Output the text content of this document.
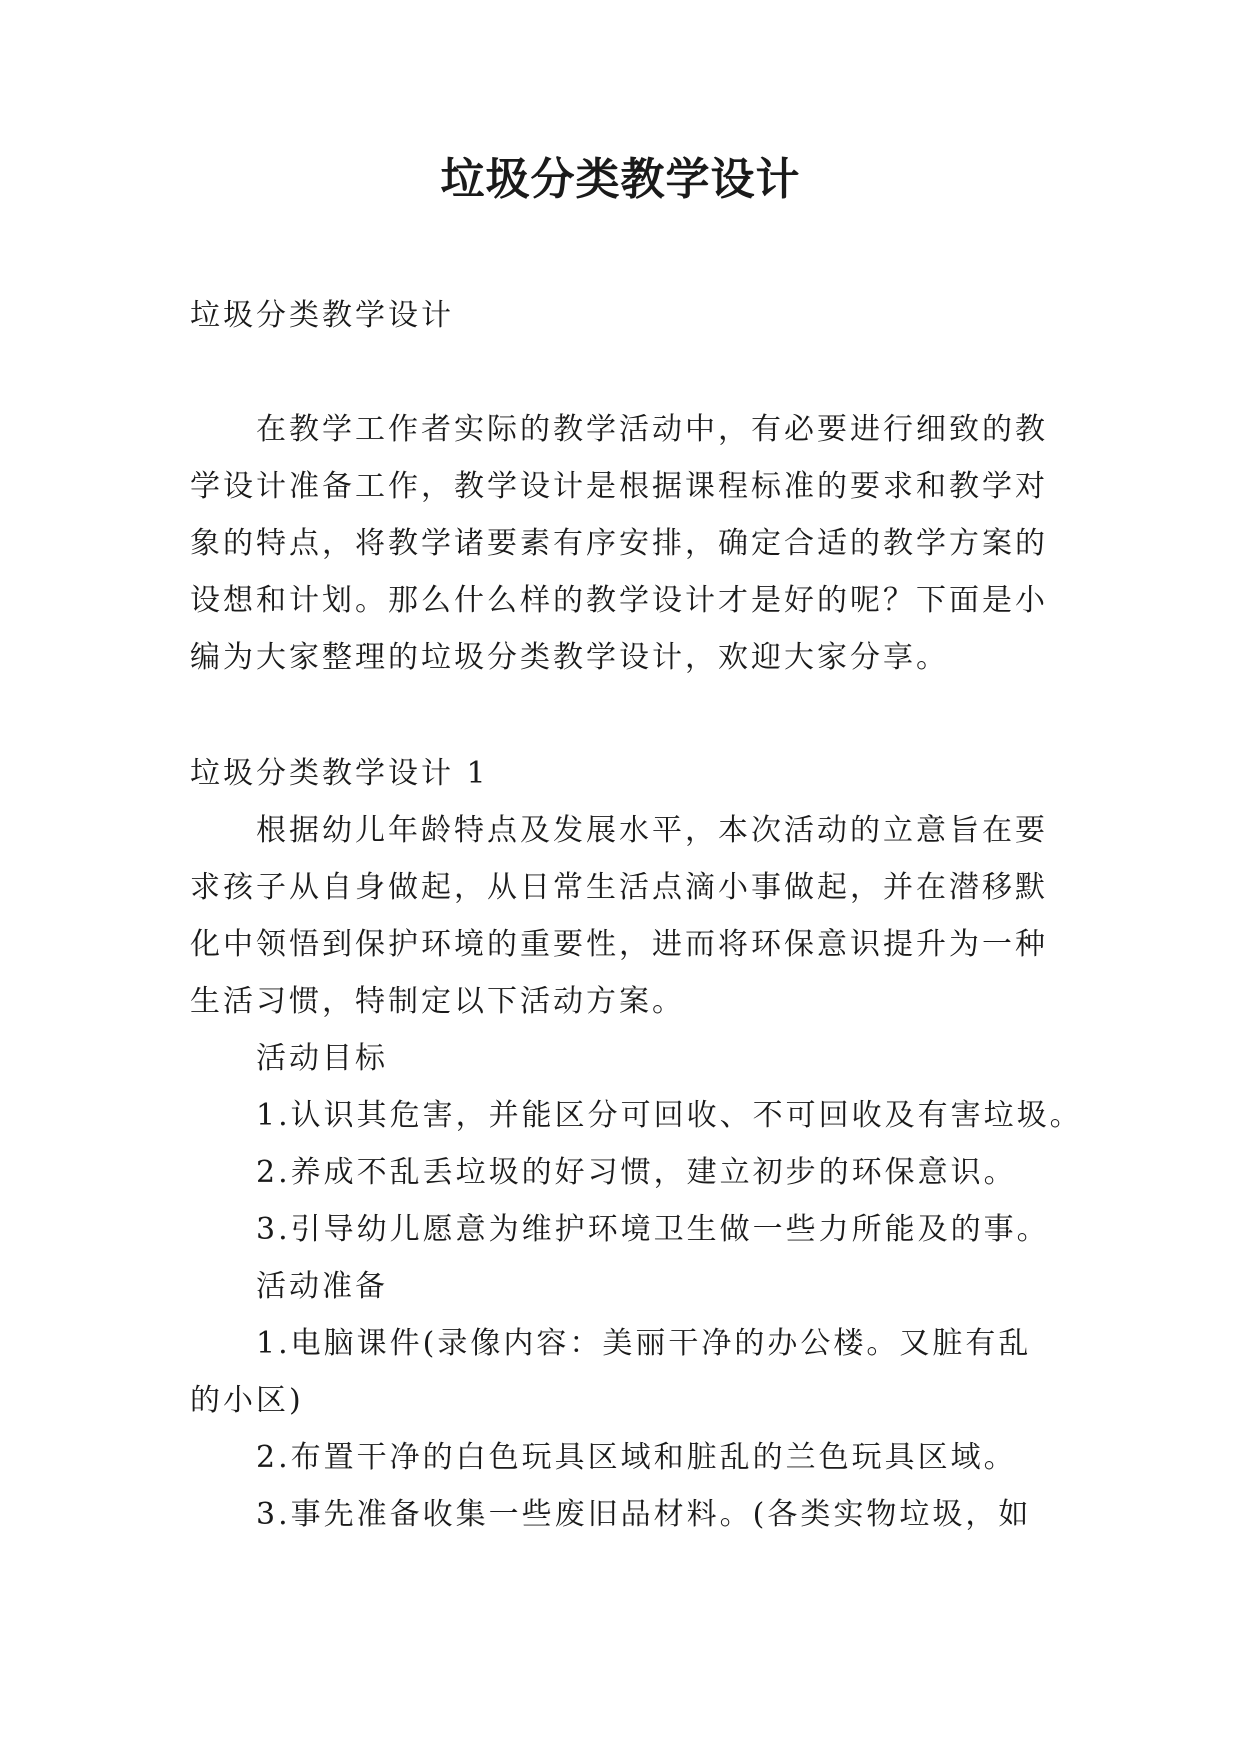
垃圾分类教学设计
垃圾分类教学设计
在教学工作者实际的教学活动中，有必要进行细致的教
学设计准备工作，教学设计是根据课程标准的要求和教学对
象的特点，将教学诸要素有序安排，确定合适的教学方案的
设想和计划。那么什么样的教学设计才是好的呢？下面是小
编为大家整理的垃圾分类教学设计，欢迎大家分享。
垃圾分类教学设计 1
根据幼儿年龄特点及发展水平，本次活动的立意旨在要
求孩子从自身做起，从日常生活点滴小事做起，并在潜移默
化中领悟到保护环境的重要性，进而将环保意识提升为一种
生活习惯，特制定以下活动方案。
活动目标
1.认识其危害，并能区分可回收、不可回收及有害垃圾。
2.养成不乱丢垃圾的好习惯，建立初步的环保意识。
3.引导幼儿愿意为维护环境卫生做一些力所能及的事。
活动准备
1.电脑课件(录像内容：美丽干净的办公楼。又脏有乱
的小区)
2.布置干净的白色玩具区域和脏乱的兰色玩具区域。
3.事先准备收集一些废旧品材料。(各类实物垃圾，如
